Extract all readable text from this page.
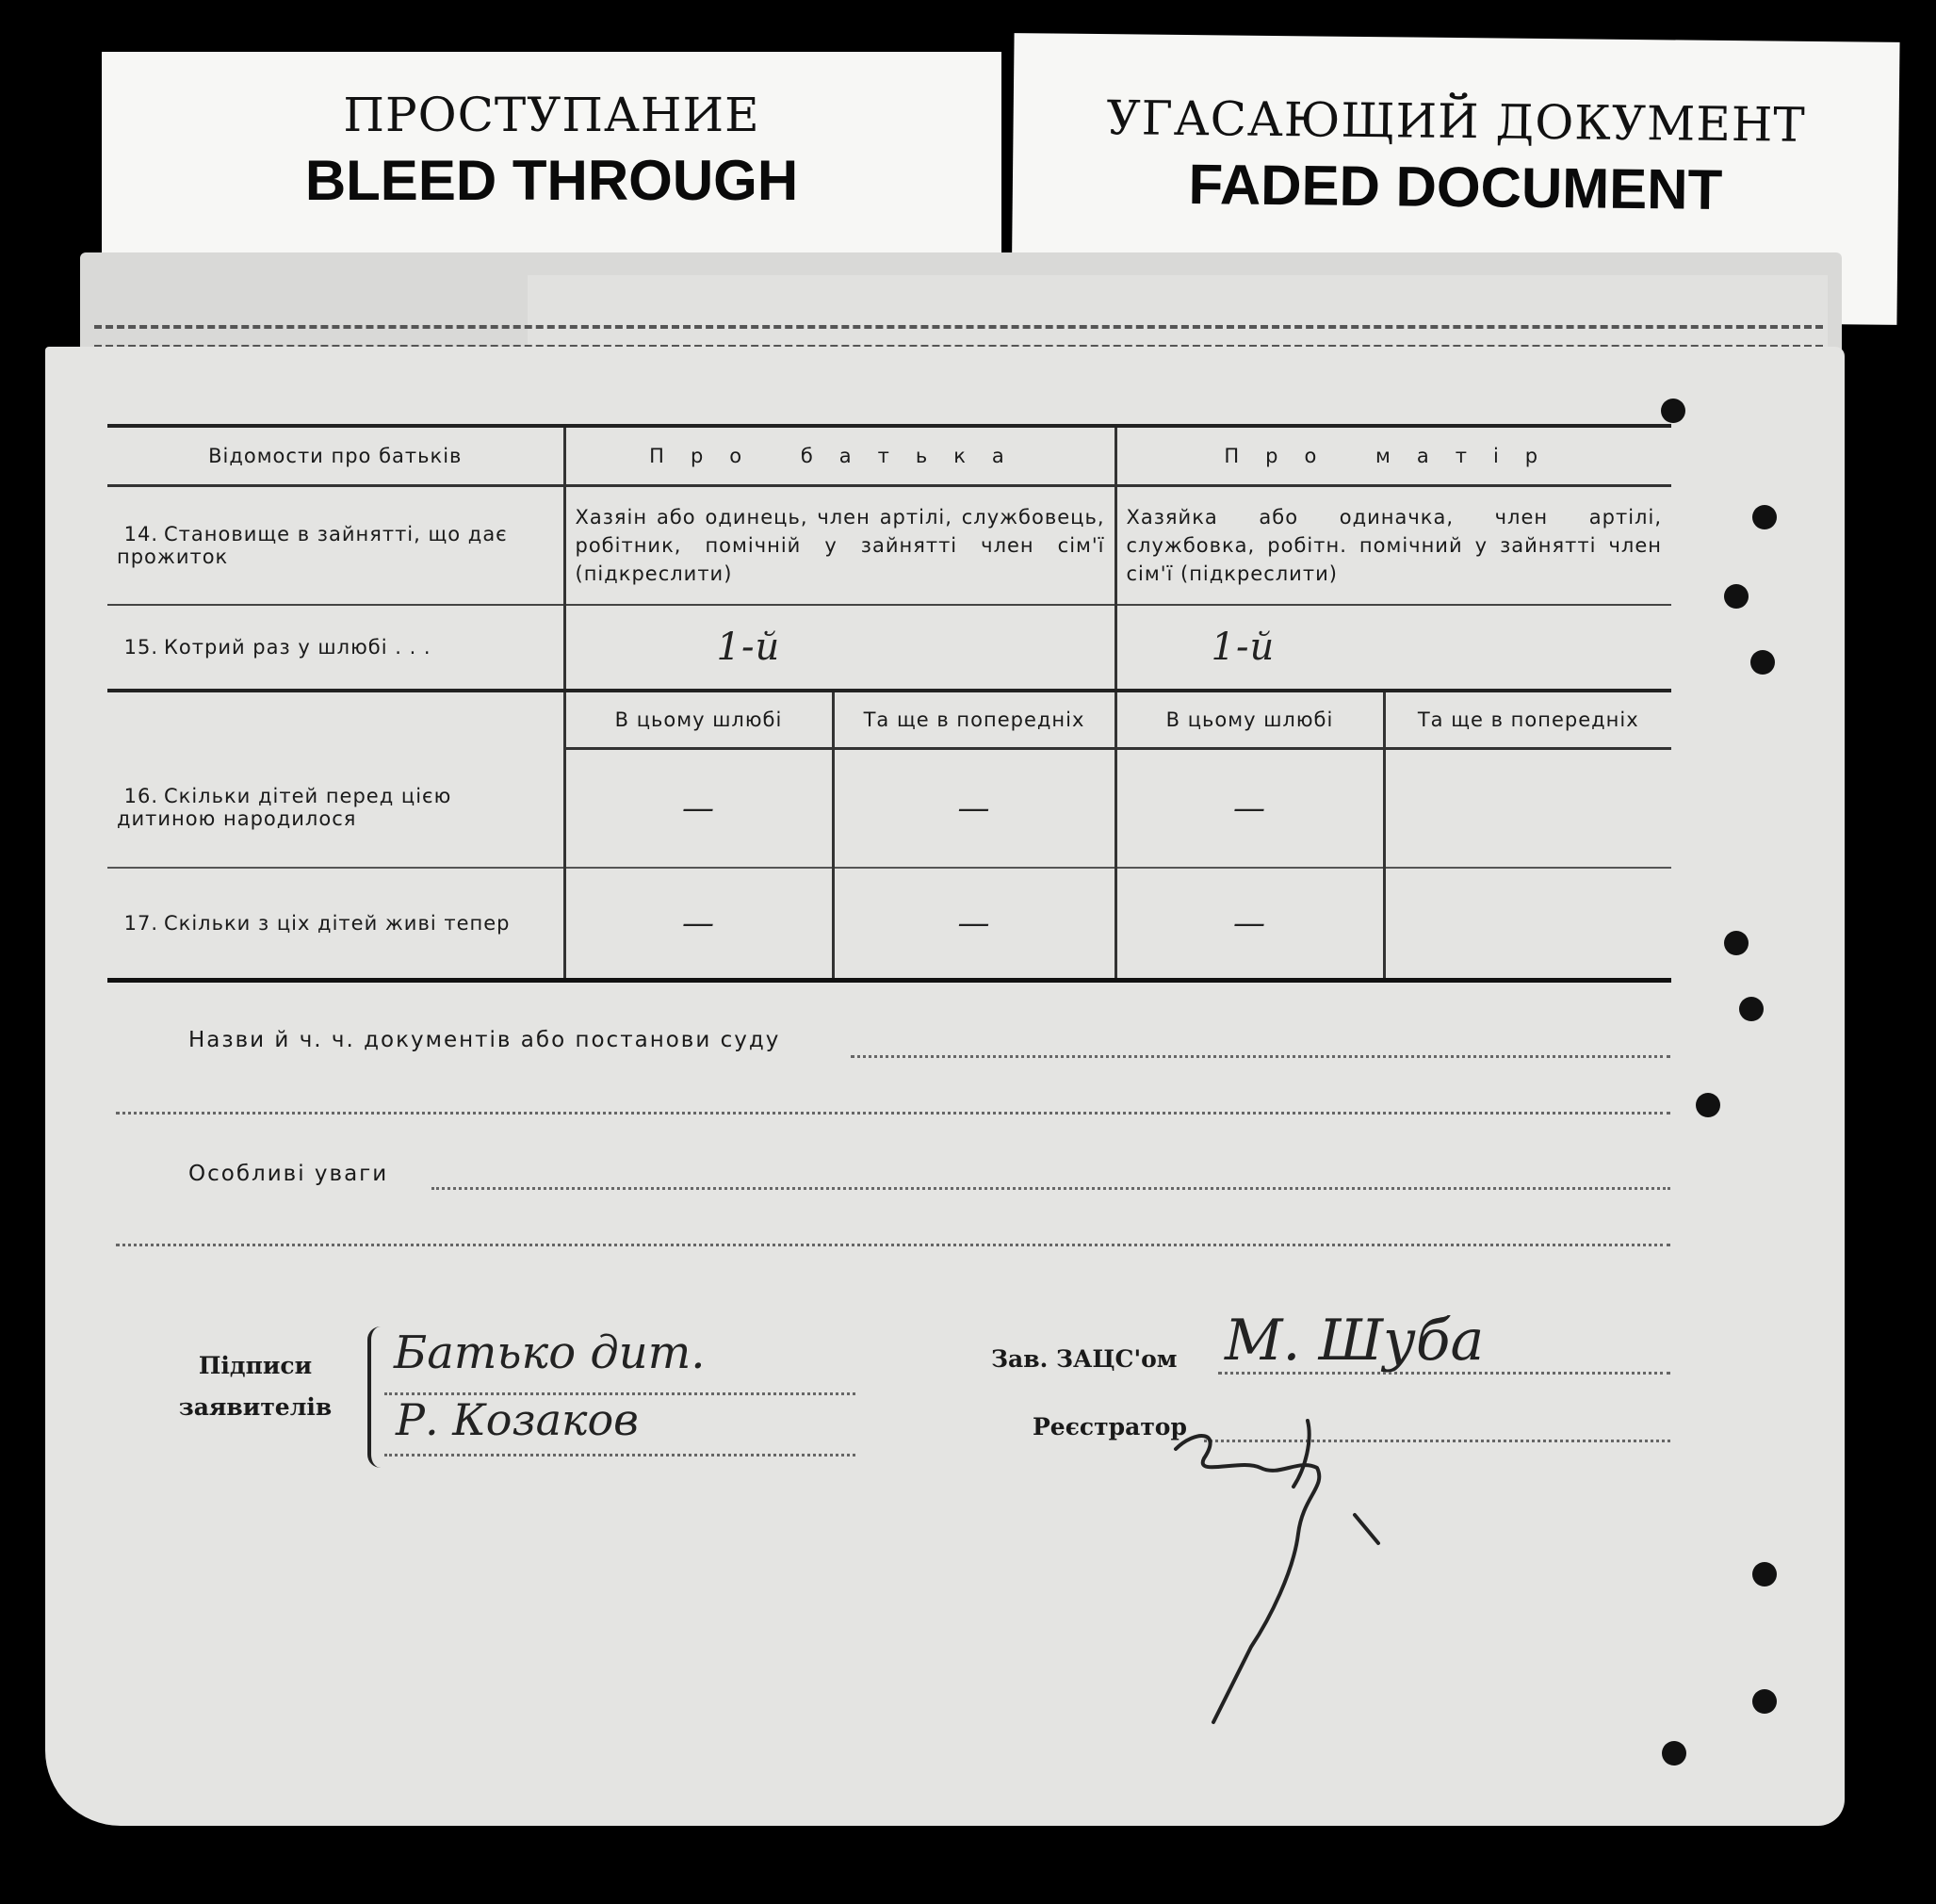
ПРОСТУПАНИЕ
BLEED THROUGH
УГАСАЮЩИЙ ДОКУМЕНТ
FADED DOCUMENT
Відомости про батьків	Про батька		Про матір	
14. Становище в зайнятті, що дає прожиток	Хазяін або одинець, член артілі, службовець, робітник, помічній у зайнятті член сім'ї (підкреслити)		Хазяйка або одиначка, член артілі, службовка, робітн. помічний у зайнятті член сім'ї (підкреслити)	
15. Котрий раз у шлюбі . . .	1-й		1-й	
	В цьому шлюбі	Та ще в попередніх	В цьому шлюбі	Та ще в попередніх
16. Скільки дітей перед цією дитиною народилося	—	—	—	
17. Скільки з ціх дітей живі тепер	—	—	—	
Назви й ч. ч. документів або постанови суду
Особливі уваги
Підписи заявителів
Батько дит.
Р. Козаков
Зав. ЗАЦС'ом М. Шуба
Реєстратор
